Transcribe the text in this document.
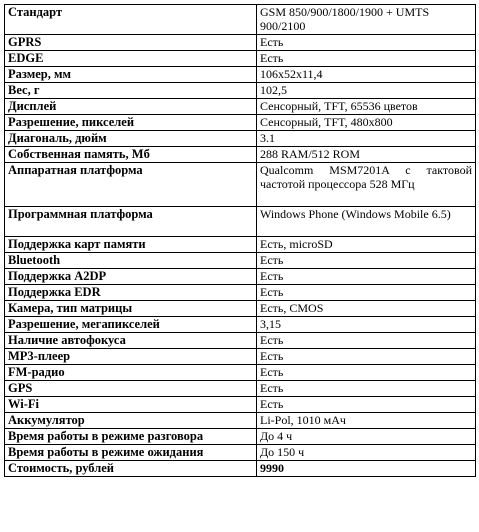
Стандарт	GSM 850/900/1800/1900 + UMTS 900/2100
GPRS	Есть
EDGE	Есть
Размер, мм	106x52x11,4
Вес, г	102,5
Дисплей	Сенсорный, TFT, 65536 цветов
Разрешение, пикселей	Сенсорный, TFT, 480x800
Диагональ, дюйм	3.1
Собственная память, Мб	288 RAM/512 ROM
Аппаратная платформа	Qualcomm MSM7201A с тактовой частотой процессора 528 МГц
Программная платформа	Windows Phone (Windows Mobile 6.5)
Поддержка карт памяти	Есть, microSD
Bluetooth	Есть
Поддержка A2DP	Есть
Поддержка EDR	Есть
Камера, тип матрицы	Есть, CMOS
Разрешение, мегапикселей	3,15
Наличие автофокуса	Есть
MP3-плеер	Есть
FM-радио	Есть
GPS	Есть
Wi-Fi	Есть
Аккумулятор	Li-Pol, 1010 мАч
Время работы в режиме разговора	До 4 ч
Время работы в режиме ожидания	До 150 ч
Стоимость, рублей	9990
